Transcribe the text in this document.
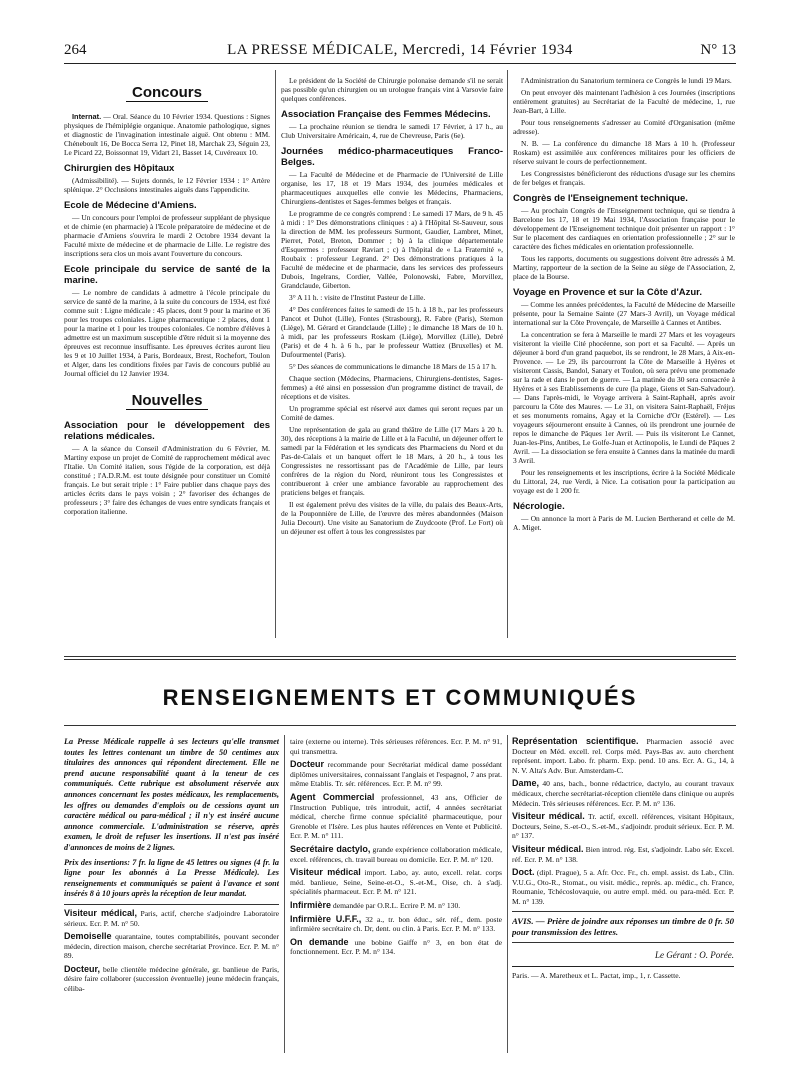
264	LA PRESSE MÉDICALE, Mercredi, 14 Février 1934	N° 13
Concours

Internat. — Oral. Séance du 10 Février 1934. Questions : Signes physiques de l'hémiplégie organique. Anatomie pathologique, signes et diagnostic de l'invagination intestinale aiguë. Ont obtenu : MM. Chéneboult 16, De Bocca Serra 12, Pinet 18, Marchak 23, Séguin 23, Le Picard 22, Boissonnat 19, Vidart 21, Basset 14, Cuvéreaux 10.

Chirurgien des Hôpitaux

(Admissibilité). — Sujets donnés, le 12 Février 1934 : 1° Artère splénique. 2° Occlusions intestinales aiguës dans l'appendicite.

Ecole de Médecine d'Amiens.

— Un concours pour l'emploi de professeur suppléant de physique et de chimie (en pharmacie) à l'Ecole préparatoire de médecine et de pharmacie d'Amiens s'ouvrira le mardi 2 Octobre 1934 devant la Faculté mixte de médecine et de pharmacie de Lille. Le registre des inscriptions sera clos un mois avant l'ouverture du concours.

Ecole principale du service de santé de la marine.

— Le nombre de candidats à admettre à l'école principale du service de santé de la marine, à la suite du concours de 1934, est fixé comme suit : Ligne médicale : 45 places, dont 9 pour la marine et 36 pour les troupes coloniales. Ligne pharmaceutique : 2 places, dont 1 pour la marine et 1 pour les troupes coloniales. Ce nombre d'élèves à admettre est un maximum susceptible d'être réduit si la moyenne des épreuves est reconnue insuffisante. Les épreuves écrites auront lieu les 9 et 10 Juillet 1934, à Paris, Bordeaux, Brest, Rochefort, Toulon et Alger, dans les conditions fixées par l'avis de concours publié au Journal officiel du 12 Janvier 1934.

Nouvelles
Association pour le développement des relations médicales.

— A la séance du Conseil d'Administration du 6 Février, M. Martiny expose un projet de Comité de rapprochement médical avec l'Italie. Un Comité italien, sous l'égide de la corporation, est déjà constitué ; l'A.D.R.M. est toute désignée pour constituer un Comité français. Le but serait triple : 1° Faire publier dans chaque pays des articles écrits dans le pays voisin ; 2° favoriser des échanges de professeurs ; 3° faire des échanges de vues entre syndicats français et corporation italienne.

Le président de la Société de Chirurgie polonaise demande s'il ne serait pas possible qu'un chirurgien ou un urologue français vint à Varsovie faire quelques conférences.

Association Française des Femmes Médecins.

— La prochaine réunion se tiendra le samedi 17 Février, à 17 h., au Club Universitaire Américain, 4, rue de Chevreuse, Paris (6e).

Journées médico-pharmaceutiques Franco-Belges.

— La Faculté de Médecine et de Pharmacie de l'Université de Lille organise, les 17, 18 et 19 Mars 1934, des journées médicales et pharmaceutiques auxquelles elle convie les Médecins, Pharmaciens, Chirurgiens-dentistes et Sages-femmes belges et français.

Le programme de ce congrès comprend : Le samedi 17 Mars, de 9 h. 45 à midi : 1° Des démonstrations cliniques : a) à l'Hôpital St-Sauveur, sous la direction de MM. les professeurs Surmont, Gaudier, Lambret, Minet, Pierret, Potel, Breton, Dommer ; b) à la clinique départementale d'Esquermes : professeur Raviart ; c) à l'hôpital de « La Fraternité », Roubaix : professeur Legrand. 2° Des démonstrations pratiques à la Faculté de médecine et de pharmacie, dans les services des professeurs Dubois, Ingelrans, Cordier, Vallée, Polonowski, Fabre, Morvillez, Grandclaude, Giberton.

3° A 11 h. : visite de l'Institut Pasteur de Lille.

4° Des conférences faites le samedi de 15 h. à 18 h., par les professeurs Pancot et Duhot (Lille), Fontes (Strasbourg), R. Fabre (Paris), Sternon (Liège), M. Gérard et Grandclaude (Lille) ; le dimanche 18 Mars de 10 h. à midi, par les professeurs Roskam (Liège), Morvillez (Lille), Debré (Paris) et de 4 h. à 6 h., par le professeur Wattiez (Bruxelles) et M. Dufourmentel (Paris).

5° Des séances de communications le dimanche 18 Mars de 15 à 17 h.

Chaque section (Médecins, Pharmaciens, Chirurgiens-dentistes, Sages-femmes) a été ainsi en possession d'un programme distinct de travail, de réceptions et de visites.

Un programme spécial est réservé aux dames qui seront reçues par un Comité de dames.

Une représentation de gala au grand théâtre de Lille (17 Mars à 20 h. 30), des réceptions à la mairie de Lille et à la Faculté, un déjeuner offert le samedi par la Fédération et les syndicats des Pharmaciens du Nord et du Pas-de-Calais et un banquet offert le 18 Mars, à 20 h., à tous les Congressistes ne ressortissant pas de l'Académie de Lille, par leurs confrères de la région du Nord, réuniront tous les Congressistes et contribueront à créer une ambiance favorable au rapprochement des praticiens belges et français.

Il est également prévu des visites de la ville, du palais des Beaux-Arts, de la Pouponnière de Lille, de l'œuvre des mères abandonnées (Maison Julia Decourt). Une visite au Sanatorium de Zuydcoote (Prof. Le Fort) où un déjeuner est offert à tous les congressistes par

l'Administration du Sanatorium terminera ce Congrès le lundi 19 Mars.

On peut envoyer dès maintenant l'adhésion à ces Journées (inscriptions entièrement gratuites) au Secrétariat de la Faculté de médecine, 1, rue Jean-Bart, à Lille.

Pour tous renseignements s'adresser au Comité d'Organisation (même adresse).

N. B. — La conférence du dimanche 18 Mars à 10 h. (Professeur Roskam) est assimilée aux conférences militaires pour les officiers de réserve suivant le cours de perfectionnement.

Les Congressistes bénéficieront des réductions d'usage sur les chemins de fer belges et français.

Congrès de l'Enseignement technique.

— Au prochain Congrès de l'Enseignement technique, qui se tiendra à Barcelone les 17, 18 et 19 Mai 1934, l'Association française pour le développement de l'Enseignement technique doit présenter un rapport : 1° Sur le placement des cardiaques en orientation professionnelle ; 2° sur le caractère des fiches médicales en orientation professionnelle.

Tous les rapports, documents ou suggestions doivent être adressés à M. Martiny, rapporteur de la section de la Seine au siège de l'Association, 2, place de la Bourse.

Voyage en Provence et sur la Côte d'Azur.

— Comme les années précédentes, la Faculté de Médecine de Marseille présente, pour la Semaine Sainte (27 Mars-3 Avril), un Voyage médical international sur la Côte Provençale, de Marseille à Cannes et Antibes.

La concentration se fera à Marseille le mardi 27 Mars et les voyageurs visiteront la vieille Cité phocéenne, son port et sa Faculté. — Après un déjeuner à bord d'un grand paquebot, ils se rendront, le 28 Mars, à Aix-en-Provence. — Le 29, ils parcourront la Côte de Marseille à Hyères et visiteront Cassis, Bandol, Sanary et Toulon, où sera prévu une promenade sur la rade et dans le port de guerre. — La matinée du 30 sera consacrée à Hyères et à ses Etablissements de cure (la plage, Giens et San-Salvadour). — Dans l'après-midi, le Voyage arrivera à Saint-Raphaël, après avoir parcouru la Côte des Maures. — Le 31, on visitera Saint-Raphaël, Fréjus et ses monuments romains, Agay et la Corniche d'Or (Estérel). — Les voyageurs séjourneront ensuite à Cannes, où ils prendront une journée de repos le dimanche de Pâques 1er Avril. — Puis ils visiteront Le Cannet, Juan-les-Pins, Antibes, Le Golfe-Juan et Actinopolis, le Lundi de Pâques 2 Avril. — La dissociation se fera ensuite à Cannes dans la matinée du mardi 3 Avril.

Pour les renseignements et les inscriptions, écrire à la Société Médicale du Littoral, 24, rue Verdi, à Nice. La cotisation pour la participation au voyage est de 1 200 fr.

Nécrologie.

— On annonce la mort à Paris de M. Lucien Bertherand et celle de M. A. Miget.

RENSEIGNEMENTS ET COMMUNIQUÉS

La Presse Médicale rappelle à ses lecteurs qu'elle transmet toutes les lettres contenant un timbre de 50 centimes aux titulaires des annonces qui répondent directement. Elle ne prend aucune responsabilité quant à la teneur de ces communiqués. Cette rubrique est absolument réservée aux annonces concernant les postes médicaux, les remplacements, les offres ou demandes d'emplois ou de cessions ayant un caractère médical ou para-médical ; il n'y est inséré aucune annonce commerciale. L'administration se réserve, après examen, le droit de refuser les insertions. Il n'est pas inséré d'annonces de moins de 2 lignes.

Prix des insertions: 7 fr. la ligne de 45 lettres ou signes (4 fr. la ligne pour les abonnés à La Presse Médicale). Les renseignements et communiqués se paient à l'avance et sont insérés 8 à 10 jours après la réception de leur mandat.

Visiteur médical, Paris, actif, cherche s'adjoindre Laboratoire sérieux. Ecr. P. M. n° 50.

Demoiselle quarantaine, toutes comptabilités, pouvant seconder médecin, direction maison, cherche secrétariat Province. Ecr. P. M. n° 89.

Docteur, belle clientèle médecine générale, gr. banlieue de Paris, désire faire collaborer (succession éventuelle) jeune médecin français, céliba-

taire (externe ou interne). Très sérieuses références. Ecr. P. M. n° 91, qui transmettra.

Docteur recommande pour Secrétariat médical dame possédant diplômes universitaires, connaissant l'anglais et l'espagnol, 7 ans prat. même Etablis. Tr. sér. références. Ecr. P. M. n° 99.

Agent Commercial professionnel, 43 ans, Officier de l'Instruction Publique, très introduit, actif, 4 années secrétariat médical, cherche firme connue spécialité pharmaceutique, pour Grenoble et l'Isère. Les plus hautes références en Vente et Publicité. Ecr. P. M. n° 111.

Secrétaire dactylo, grande expérience collaboration médicale, excel. références, ch. travail bureau ou domicile. Ecr. P. M. n° 120.

Visiteur médical import. Labo, ay. auto, excell. relat. corps méd. banlieue, Seine, Seine-et-O., S.-et-M., Oise, ch. à s'adj. spécialités pharmaceut. Ecr. P. M. n° 121.

Infirmière demandée par O.R.L. Ecrire P. M. n° 130.

Infirmière U.F.F., 32 a., tr. bon éduc., sér. réf., dem. poste infirmière secrétaire ch. Dr, dent. ou clin. à Paris. Ecr. P. M. n° 133.

On demande une bobine Gaiffe n° 3, en bon état de fonctionnement. Ecr. P. M. n° 134.

Représentation scientifique. Pharmacien associé avec Docteur en Méd. excell. rel. Corps méd. Pays-Bas av. auto cherchent représent. import. Labo. fr. pharm. Exp. pend. 10 ans. Ecr. A. G., 14, à N. V. Alta's Adv. Bur. Amsterdam-C.

Dame, 40 ans, bach., bonne rédactrice, dactylo, au courant travaux médicaux, cherche secrétariat-réception clientèle dans clinique ou auprès Médecin. Très sérieuses références. Ecr. P. M. n° 136.

Visiteur médical. Tr. actif, excell. références, visitant Hôpitaux, Docteurs, Seine, S.-et-O., S.-et-M., s'adjoindr. produit sérieux. Ecr. P. M. n° 137.

Visiteur médical. Bien introd. rég. Est, s'adjoindr. Labo sér. Excel. réf. Ecr. P. M. n° 138.

Doct. (dipl. Prague), 5 a. Afr. Occ. Fr., ch. empl. assist. ds Lab., Clin. V.U.G., Oto-R., Stomat., ou visit. médic., représ. ap. médic., ch. France, Roumanie, Tchécoslovaquie, ou autre empl. méd. ou para-méd. Ecr. P. M. n° 139.

AVIS. — Prière de joindre aux réponses un timbre de 0 fr. 50 pour transmission des lettres.

Le Gérant : O. Porée.
Paris. — A. Maretheux et L. Pactat, imp., 1, r. Cassette.
